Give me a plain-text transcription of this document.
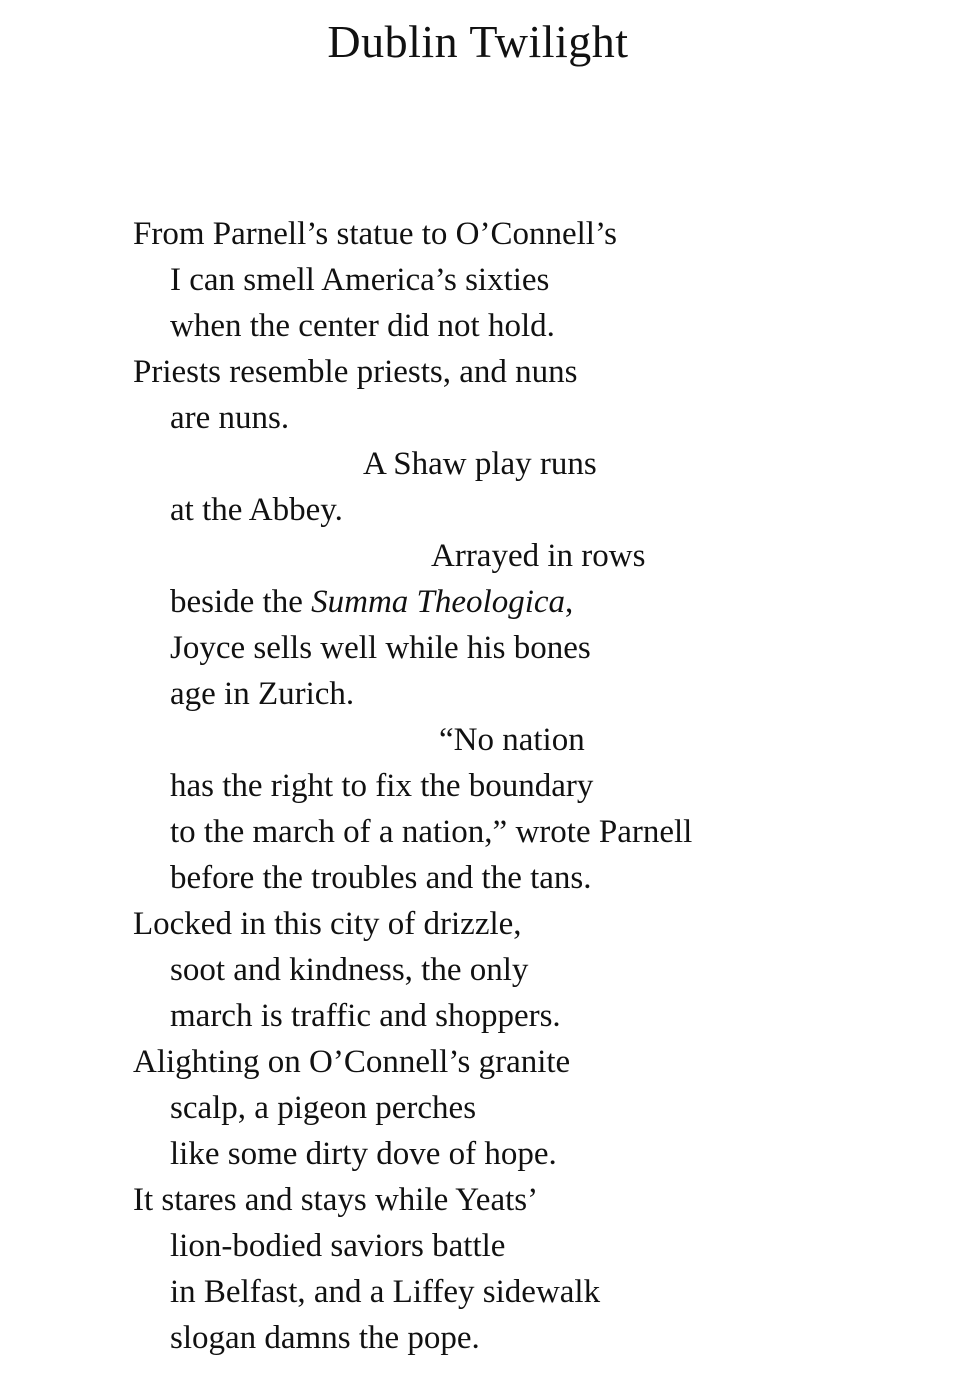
Dublin Twilight
From Parnell’s statue to O’Connell’s
I can smell America’s sixties
when the center did not hold.
Priests resemble priests, and nuns
are nuns.
A Shaw play runs
at the Abbey.
Arrayed in rows
beside the Summa Theologica,
Joyce sells well while his bones
age in Zurich.
“No nation
has the right to fix the boundary
to the march of a nation,” wrote Parnell
before the troubles and the tans.
Locked in this city of drizzle,
soot and kindness, the only
march is traffic and shoppers.
Alighting on O’Connell’s granite
scalp, a pigeon perches
like some dirty dove of hope.
It stares and stays while Yeats’
lion-bodied saviors battle
in Belfast, and a Liffey sidewalk
slogan damns the pope.
